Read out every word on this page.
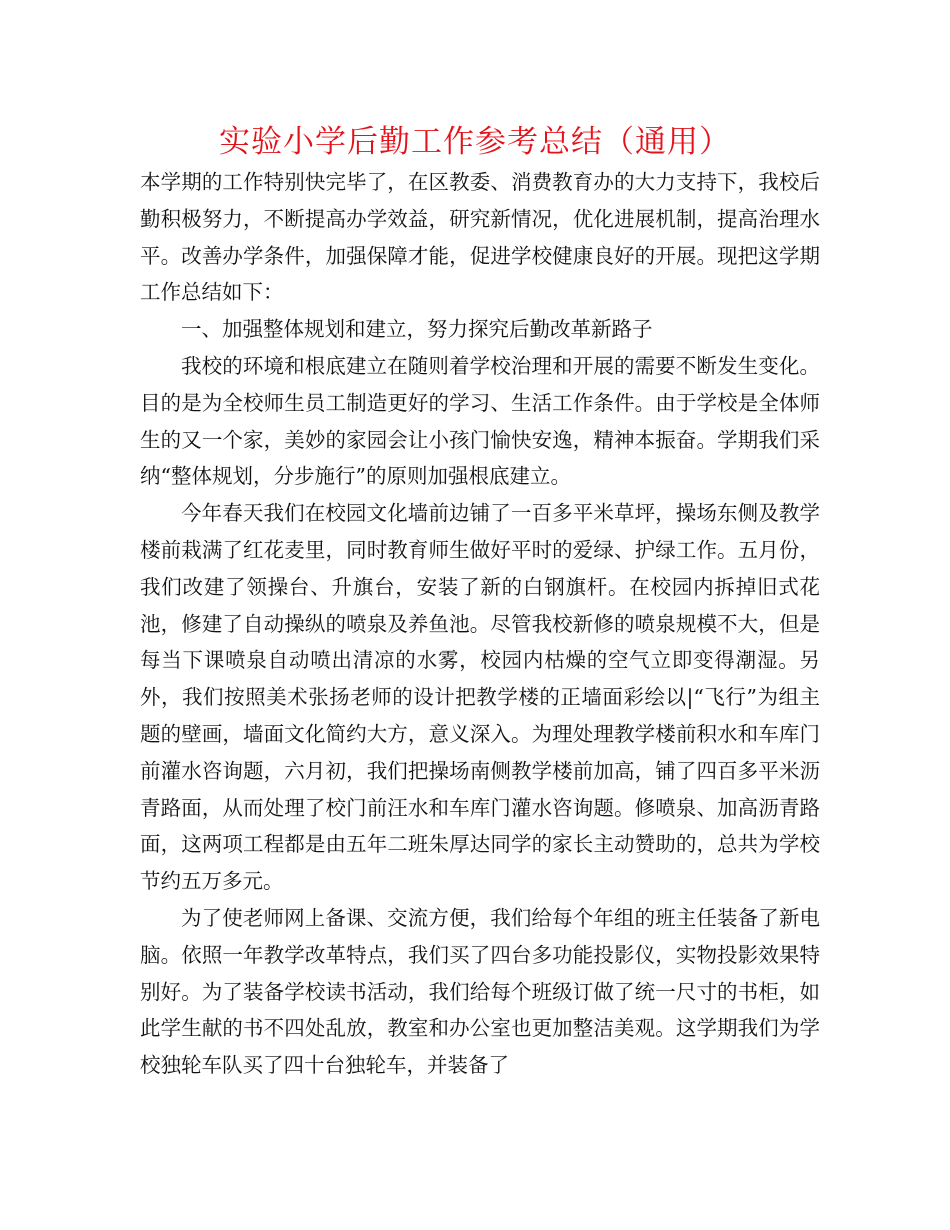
实验小学后勤工作参考总结（通用）

本学期的工作特别快完毕了，在区教委、消费教育办的大力支持下，我校后勤积极努力，不断提高办学效益，研究新情况，优化进展机制，提高治理水平。改善办学条件，加强保障才能，促进学校健康良好的开展。现把这学期工作总结如下：

一、加强整体规划和建立，努力探究后勤改革新路子

我校的环境和根底建立在随则着学校治理和开展的需要不断发生变化。目的是为全校师生员工制造更好的学习、生活工作条件。由于学校是全体师生的又一个家，美妙的家园会让小孩门愉快安逸，精神本振奋。学期我们采纳“整体规划，分步施行”的原则加强根底建立。

今年春天我们在校园文化墙前边铺了一百多平米草坪，操场东侧及教学楼前栽满了红花麦里，同时教育师生做好平时的爱绿、护绿工作。五月份，我们改建了领操台、升旗台，安装了新的白钢旗杆。在校园内拆掉旧式花池，修建了自动操纵的喷泉及养鱼池。尽管我校新修的喷泉规模不大，但是每当下课喷泉自动喷出清凉的水雾，校园内枯燥的空气立即变得潮湿。另外，我们按照美术张扬老师的设计把教学楼的正墙面彩绘以|“飞行”为组主题的壁画，墙面文化简约大方，意义深入。为理处理教学楼前积水和车库门前灌水咨询题，六月初，我们把操场南侧教学楼前加高，铺了四百多平米沥青路面，从而处理了校门前汪水和车库门灌水咨询题。修喷泉、加高沥青路面，这两项工程都是由五年二班朱厚达同学的家长主动赞助的，总共为学校节约五万多元。

为了使老师网上备课、交流方便，我们给每个年组的班主任装备了新电脑。依照一年教学改革特点，我们买了四台多功能投影仪，实物投影效果特别好。为了装备学校读书活动，我们给每个班级订做了统一尺寸的书柜，如此学生献的书不四处乱放，教室和办公室也更加整洁美观。这学期我们为学校独轮车队买了四十台独轮车，并装备了
